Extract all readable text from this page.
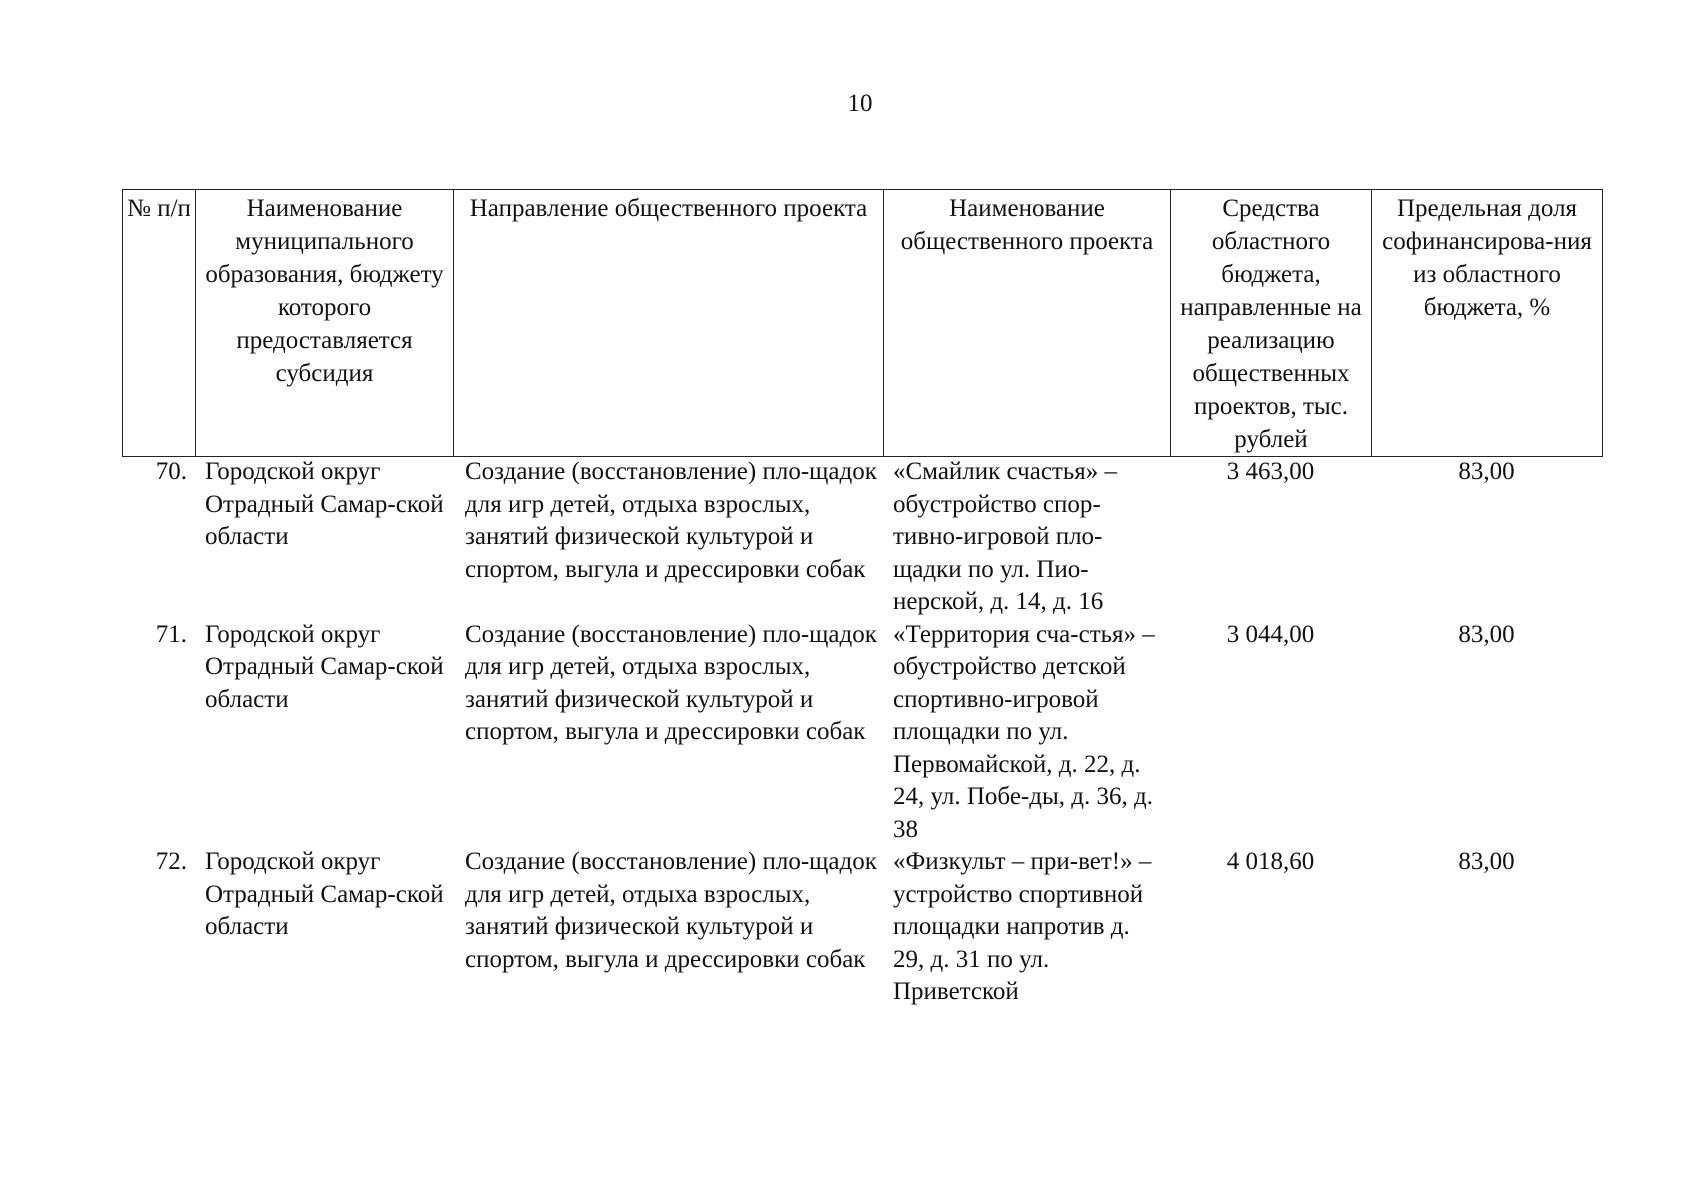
10
№ п/п	Наименование муниципального образования, бюджету которого предоставляется субсидия	Направление общественного проекта	Наименование общественного проекта	Средства областного бюджета, направленные на реализацию общественных проектов, тыс. рублей	Предельная доля софинансирова-ния из областного бюджета, %
70.	Городской округ Отрадный Самар-ской области	Создание (восстановление) пло-щадок для игр детей, отдыха взрослых, занятий физической культурой и спортом, выгула и дрессировки собак	«Смайлик счастья» – обустройство спор-тивно-игровой пло-щадки по ул. Пио-нерской, д. 14, д. 16	3 463,00	83,00
71.	Городской округ Отрадный Самар-ской области	Создание (восстановление) пло-щадок для игр детей, отдыха взрослых, занятий физической культурой и спортом, выгула и дрессировки собак	«Территория сча-стья» – обустройство детской спортивно-игровой площадки по ул. Первомайской, д. 22, д. 24, ул. Побе-ды, д. 36, д. 38	3 044,00	83,00
72.	Городской округ Отрадный Самар-ской области	Создание (восстановление) пло-щадок для игр детей, отдыха взрослых, занятий физической культурой и спортом, выгула и дрессировки собак	«Физкульт – при-вет!» – устройство спортивной площадки напротив д. 29, д. 31 по ул. Приветской	4 018,60	83,00
